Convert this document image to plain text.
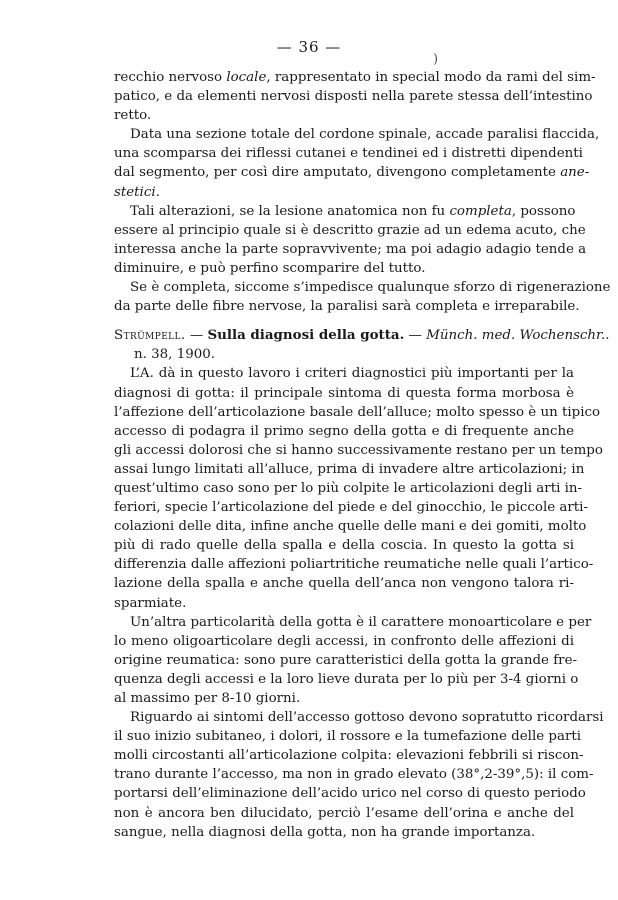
— 36 —
)
recchio nervoso locale, rappresentato in special modo da rami del sim-
patico, e da elementi nervosi disposti nella parete stessa dell’intestino
retto.
Data una sezione totale del cordone spinale, accade paralisi flaccida,
una scomparsa dei riflessi cutanei e tendinei ed i distretti dipendenti
dal segmento, per così dire amputato, divengono completamente ane-
stetici.
Tali alterazioni, se la lesione anatomica non fu completa, possono
essere al principio quale si è descritto grazie ad un edema acuto, che
interessa anche la parte sopravvivente; ma poi adagio adagio tende a
diminuire, e può perfino scomparire del tutto.
Se è completa, siccome s’impedisce qualunque sforzo di rigenerazione
da parte delle fibre nervose, la paralisi sarà completa e irreparabile.
Strümpell. — Sulla diagnosi della gotta. — Münch. med. Wochenschr..
n. 38, 1900.
L’A. dà in questo lavoro i criteri diagnostici più importanti per la
diagnosi di gotta: il principale sintoma di questa forma morbosa è
l’affezione dell’articolazione basale dell’alluce; molto spesso è un tipico
accesso di podagra il primo segno della gotta e di frequente anche
gli accessi dolorosi che si hanno successivamente restano per un tempo
assai lungo limitati all’alluce, prima di invadere altre articolazioni; in
quest’ultimo caso sono per lo più colpite le articolazioni degli arti in-
feriori, specie l’articolazione del piede e del ginocchio, le piccole arti-
colazioni delle dita, infine anche quelle delle mani e dei gomiti, molto
più di rado quelle della spalla e della coscia. In questo la gotta si
differenzia dalle affezioni poliartritiche reumatiche nelle quali l’artico-
lazione della spalla e anche quella dell’anca non vengono talora ri-
sparmiate.
Un’altra particolarità della gotta è il carattere monoarticolare e per
lo meno oligoarticolare degli accessi, in confronto delle affezioni di
origine reumatica: sono pure caratteristici della gotta la grande fre-
quenza degli accessi e la loro lieve durata per lo più per 3-4 giorni o
al massimo per 8-10 giorni.
Riguardo ai sintomi dell’accesso gottoso devono sopratutto ricordarsi
il suo inizio subitaneo, i dolori, il rossore e la tumefazione delle parti
molli circostanti all’articolazione colpita: elevazioni febbrili si riscon-
trano durante l’accesso, ma non in grado elevato (38°,2-39°,5): il com-
portarsi dell’eliminazione dell’acido urico nel corso di questo periodo
non è ancora ben dilucidato, perciò l’esame dell’orina e anche del
sangue, nella diagnosi della gotta, non ha grande importanza.
